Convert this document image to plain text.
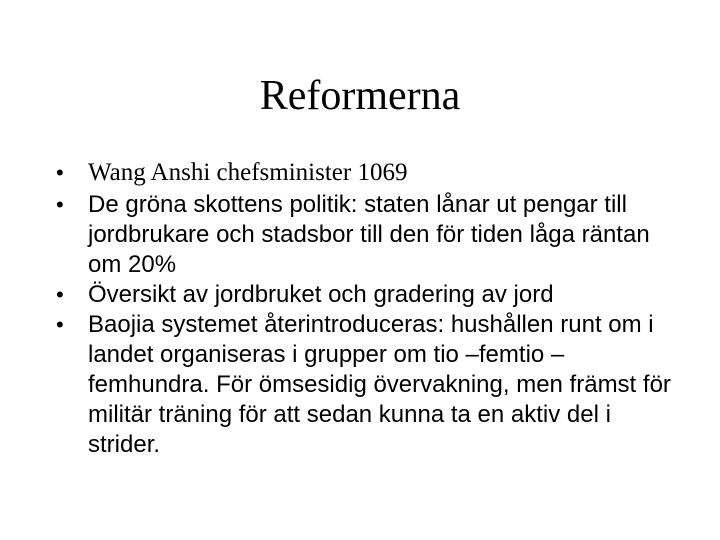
Reformerna
• Wang Anshi chefsminister 1069
• De gröna skottens politik: staten lånar ut pengar till jordbrukare och stadsbor till den för tiden låga räntan om 20%
• Översikt av jordbruket och gradering av jord
• Baojia systemet återintroduceras: hushållen runt om i landet organiseras i grupper om tio –femtio – femhundra. För ömsesidig övervakning, men främst för militär träning för att sedan kunna ta en aktiv del i strider.
